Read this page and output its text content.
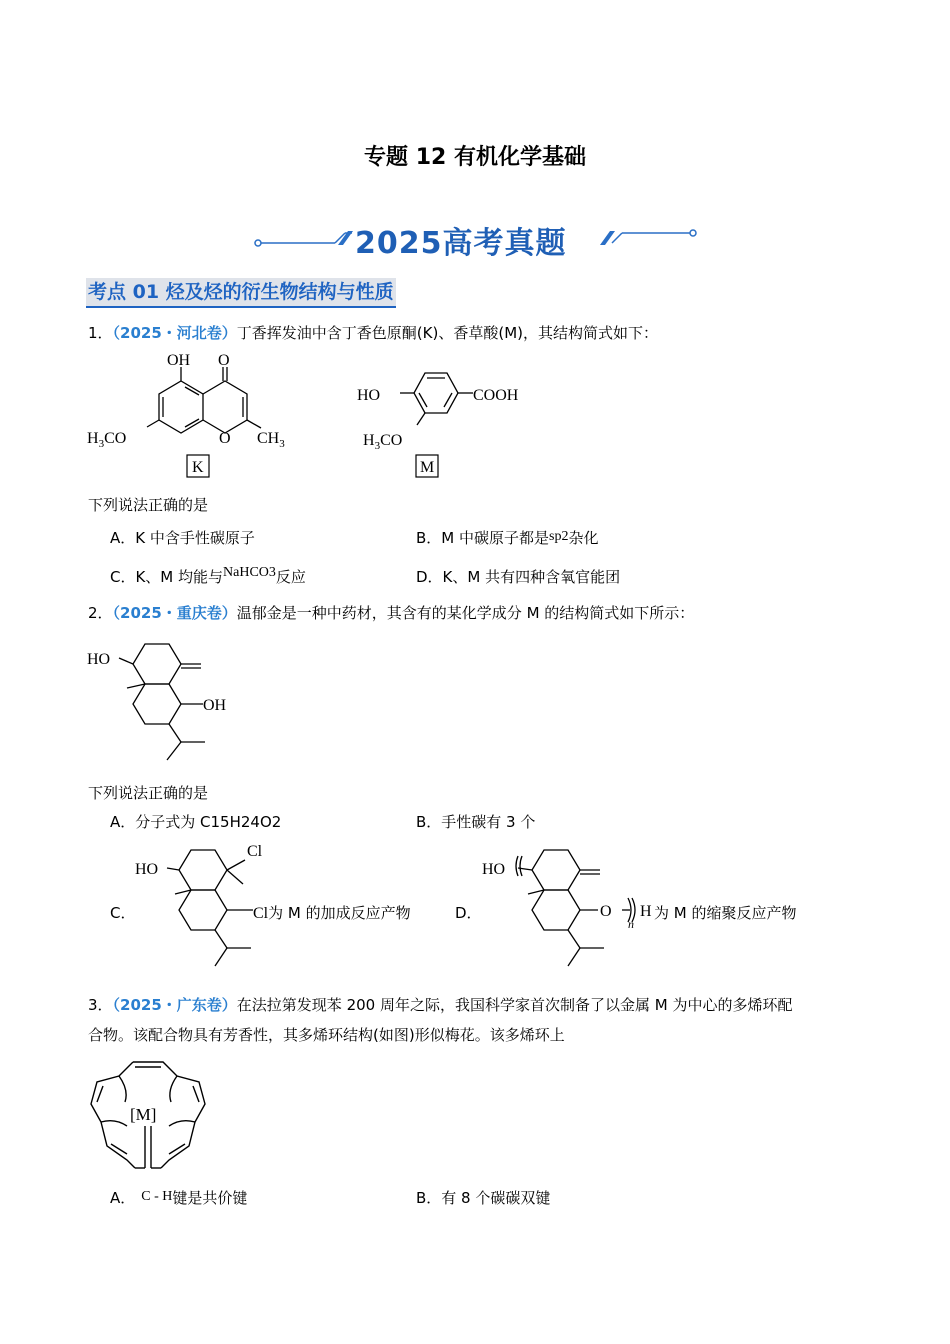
专题 12 有机化学基础
2025高考真题
考点 01 烃及烃的衍生物结构与性质
1．（2025・河北卷）丁香挥发油中含丁香色原酮(K)、香草酸(M)，其结构简式如下：
OH O
O
$H_3CO$	$CH_3$
K
HO	COOH
$H_3CO$
M
下列说法正确的是
A．K 中含手性碳原子	B．M 中碳原子都是sp2杂化
C．K、M 均能与NaHCO3反应	D．K、M 共有四种含氧官能团
2．（2025・重庆卷）温郁金是一种中药材，其含有的某化学成分 M 的结构简式如下所示：
HO
OH
下列说法正确的是
A．分子式为 C15H24O2	B．手性碳有 3 个
C．
HO
Cl
Cl为 M 的加成反应产物	D．
HO
O
n
H 为 M 的缩聚反应产物
3．（2025・广东卷）在法拉第发现苯 200 周年之际，我国科学家首次制备了以金属 M 为中心的多烯环配
合物。该配合物具有芳香性，其多烯环结构(如图)形似梅花。该多烯环上
[M]
A． C - H键是共价键	B．有 8 个碳碳双键
